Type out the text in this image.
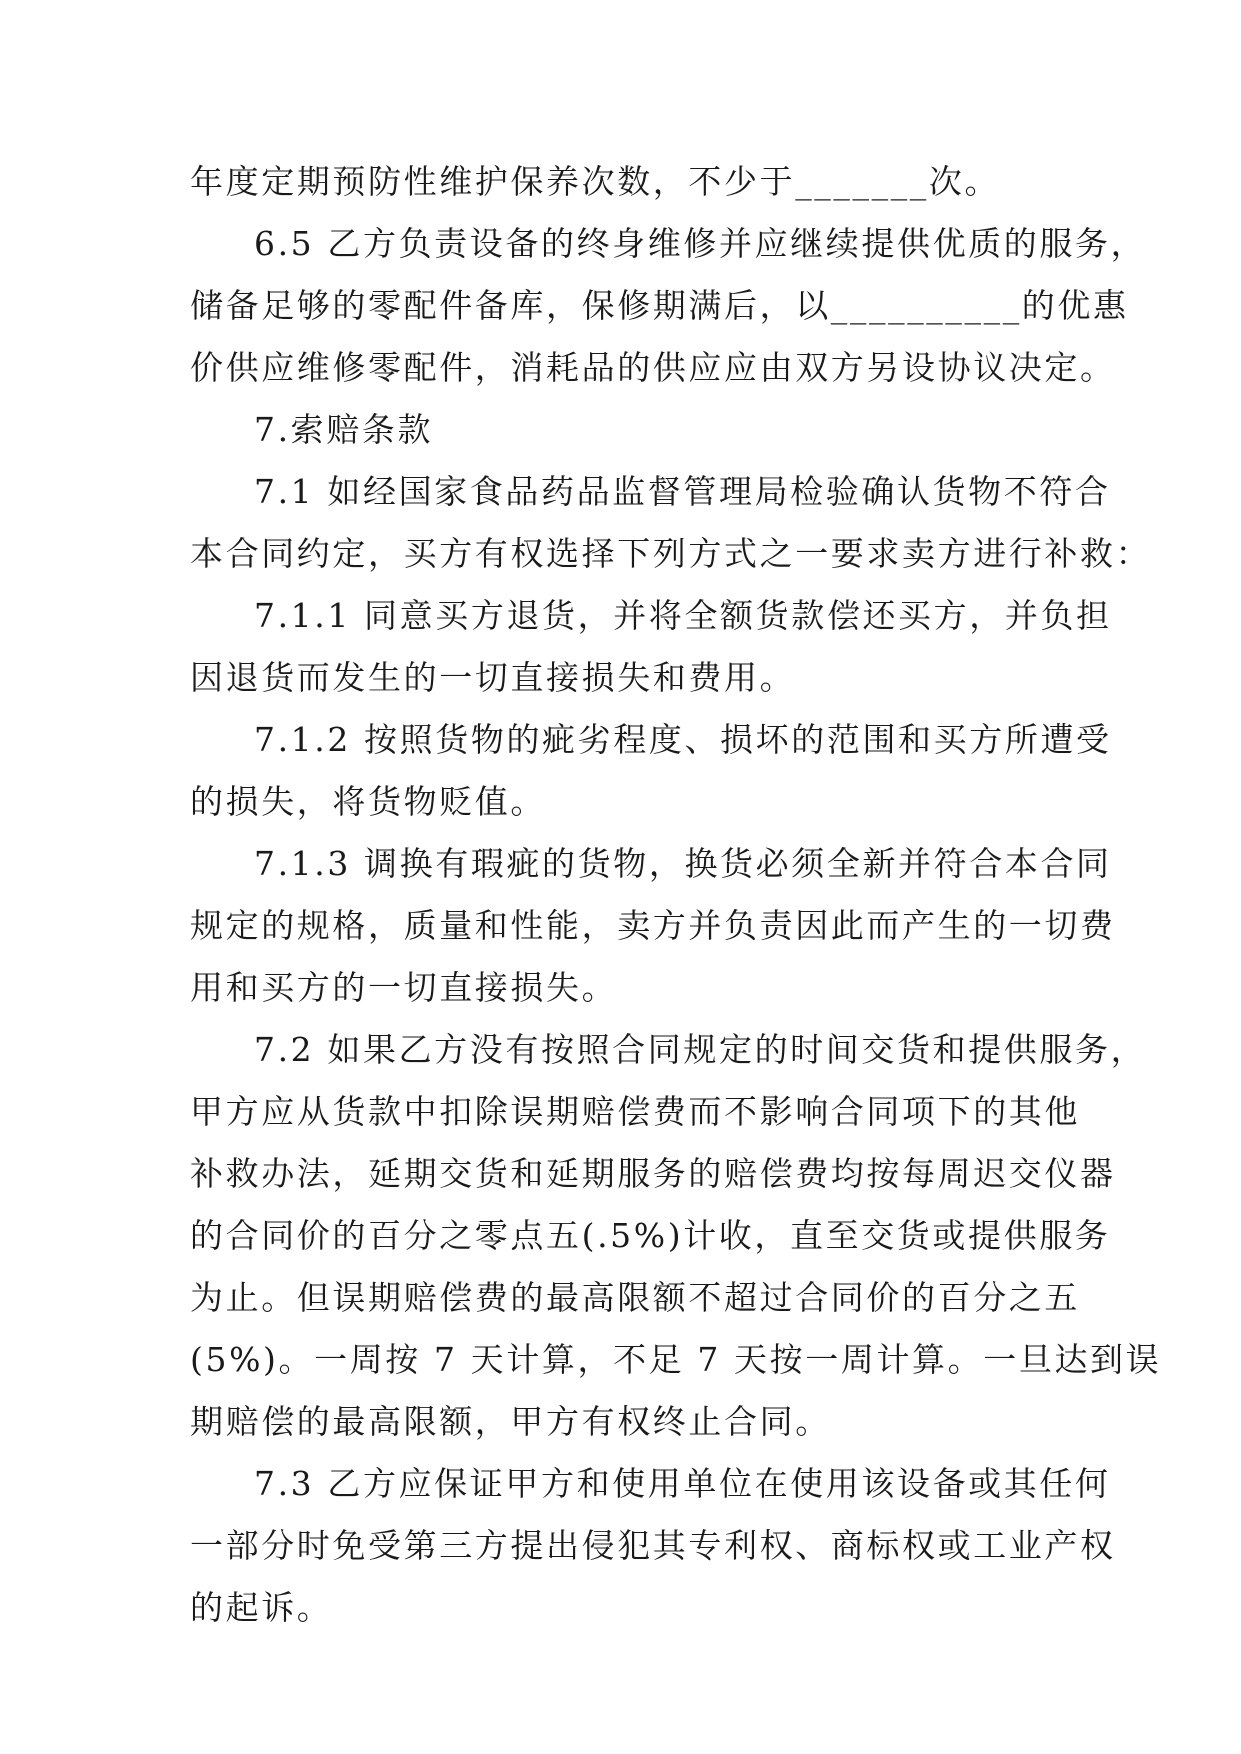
年度定期预防性维护保养次数，不少于_______次。
6.5 乙方负责设备的终身维修并应继续提供优质的服务，
储备足够的零配件备库，保修期满后，以__________的优惠
价供应维修零配件，消耗品的供应应由双方另设协议决定。
7.索赔条款
7.1 如经国家食品药品监督管理局检验确认货物不符合
本合同约定，买方有权选择下列方式之一要求卖方进行补救：
7.1.1 同意买方退货，并将全额货款偿还买方，并负担
因退货而发生的一切直接损失和费用。
7.1.2 按照货物的疵劣程度、损坏的范围和买方所遭受
的损失，将货物贬值。
7.1.3 调换有瑕疵的货物，换货必须全新并符合本合同
规定的规格，质量和性能，卖方并负责因此而产生的一切费
用和买方的一切直接损失。
7.2 如果乙方没有按照合同规定的时间交货和提供服务，
甲方应从货款中扣除误期赔偿费而不影响合同项下的其他
补救办法，延期交货和延期服务的赔偿费均按每周迟交仪器
的合同价的百分之零点五(.5%)计收，直至交货或提供服务
为止。但误期赔偿费的最高限额不超过合同价的百分之五
(5%)。一周按 7 天计算，不足 7 天按一周计算。一旦达到误
期赔偿的最高限额，甲方有权终止合同。
7.3 乙方应保证甲方和使用单位在使用该设备或其任何
一部分时免受第三方提出侵犯其专利权、商标权或工业产权
的起诉。
